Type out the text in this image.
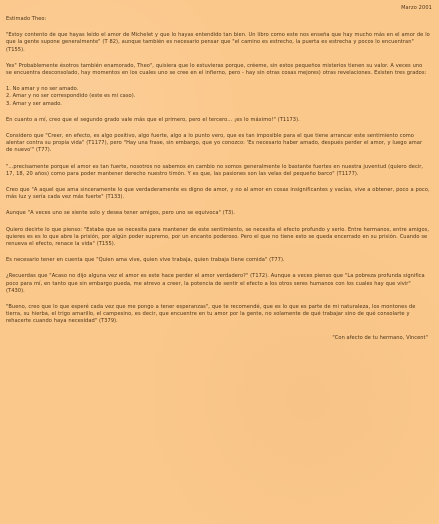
Marzo 2001
Estimado Theo:
"Estoy contento de que hayas leído el amor de Michelet y que lo hayas entendido tan bien. Un libro como este nos enseña que hay mucho más en el amor de lo que la gente supone generalmente" (T 82), aunque también es necesario pensar que "el camino es estrecho, la puerta es estrecha y pocos lo encuentran" (T155).
Yes" Probablemente ésotros también enamorado, Theo", quisiera que lo estuvieras porque, créeme, sin estos pequeños misterios tienen su valor. A veces uno se encuentra desconsolado, hay momentos en los cuales uno se cree en el infierno, pero - hay sin otras cosas mejores) otras revelaciones. Existen tres grados:
1. No amar y no ser amado.
2. Amar y no ser correspondido (este es mi caso).
3. Amar y ser amado.
En cuanto a mí, creo que el segundo grado vale más que el primero, pero el tercero... ¡es lo máximo!" (T1173).
Considero que "Creer, en efecto, es algo positivo, algo fuerte, algo a lo punto vero, que es tan imposible para el que tiene arrancar este sentimiento como alentar contra su propia vida" (T1177), pero "Hay una frase, sin embargo, que yo conozco: 'Es necesario haber amado, después perder el amor, y luego amar de nuevo'" (T77).
"...precisamente porque el amor es tan fuerte, nosotros no sabemos en cambio no somos generalmente lo bastante fuertes en nuestra juventud (quiero decir, 17, 18, 20 años) como para poder mantener derecho nuestro timón. Y es que, las pasiones son las velas del pequeño barco" (T1177).
Creo que "A aquel que ama sinceramente lo que verdaderamente es digno de amor, y no al amor en cosas insignificantes y vacías, vive a obtener, poco a poco, más luz y sería cada vez más fuerte" (T133).
Aunque "A veces uno se siente solo y desea tener amigos, pero uno se equivoca" (T3).
Quiero decirte lo que pienso: "Estaba que se necesita para mantener de este sentimiento, se necesita el efecto profundo y serio. Entre hermanos, entre amigos, quieres es es lo que abre la prisión, por algún poder supremo, por un encanto poderoso. Pero el que no tiene esto se queda encerrado en su prisión. Cuando se renueva el efecto, renace la vida" (T155).
Es necesario tener en cuenta que "Quien ama vive, quien vive trabaja, quien trabaja tiene comida" (T77).
¿Recuerdas que "Acaso no dijo alguna vez el amor es este hace perder el amor verdadero?" (T172). Aunque a veces pienso que "La pobreza profunda significa poco para mí, en tanto que sin embargo pueda, me atrevo a creer, la potencia de sentir el efecto a los otros seres humanos con los cuales hay que vivir" (T430).
"Bueno, creo que lo que esperé cada vez que me pongo a tener esperanzas", que te recomendé, que es lo que es parte de mi naturaleza, los montones de tierra, su hierba, el trigo amarillo, el campesino, es decir, que encuentre en tu amor por la gente, no solamente de qué trabajar sino de qué consolarte y rehacerte cuando haya necesidad" (T379).
"Con afecto de tu hermano, Vincent"
